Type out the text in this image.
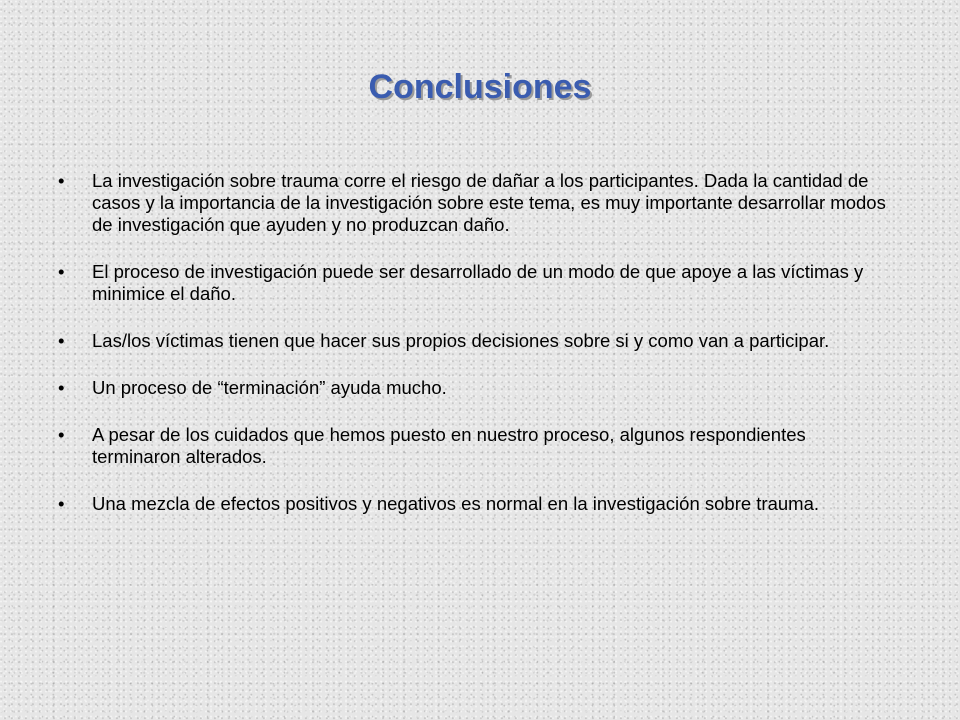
Conclusiones
•	La investigación sobre trauma corre el riesgo de dañar a los participantes. Dada la cantidad de casos y la importancia de la investigación sobre este tema, es muy importante desarrollar modos de investigación que ayuden y no produzcan daño.
•	El proceso de investigación puede ser desarrollado de un modo de que apoye a las víctimas y minimice el daño.
•	Las/los víctimas tienen que hacer sus propios decisiones sobre si y como van a participar.
•	Un proceso de “terminación” ayuda mucho.
•	A pesar de los cuidados que hemos puesto en nuestro proceso, algunos respondientes terminaron alterados.
•	Una mezcla de efectos positivos y negativos es normal en la investigación sobre trauma.
